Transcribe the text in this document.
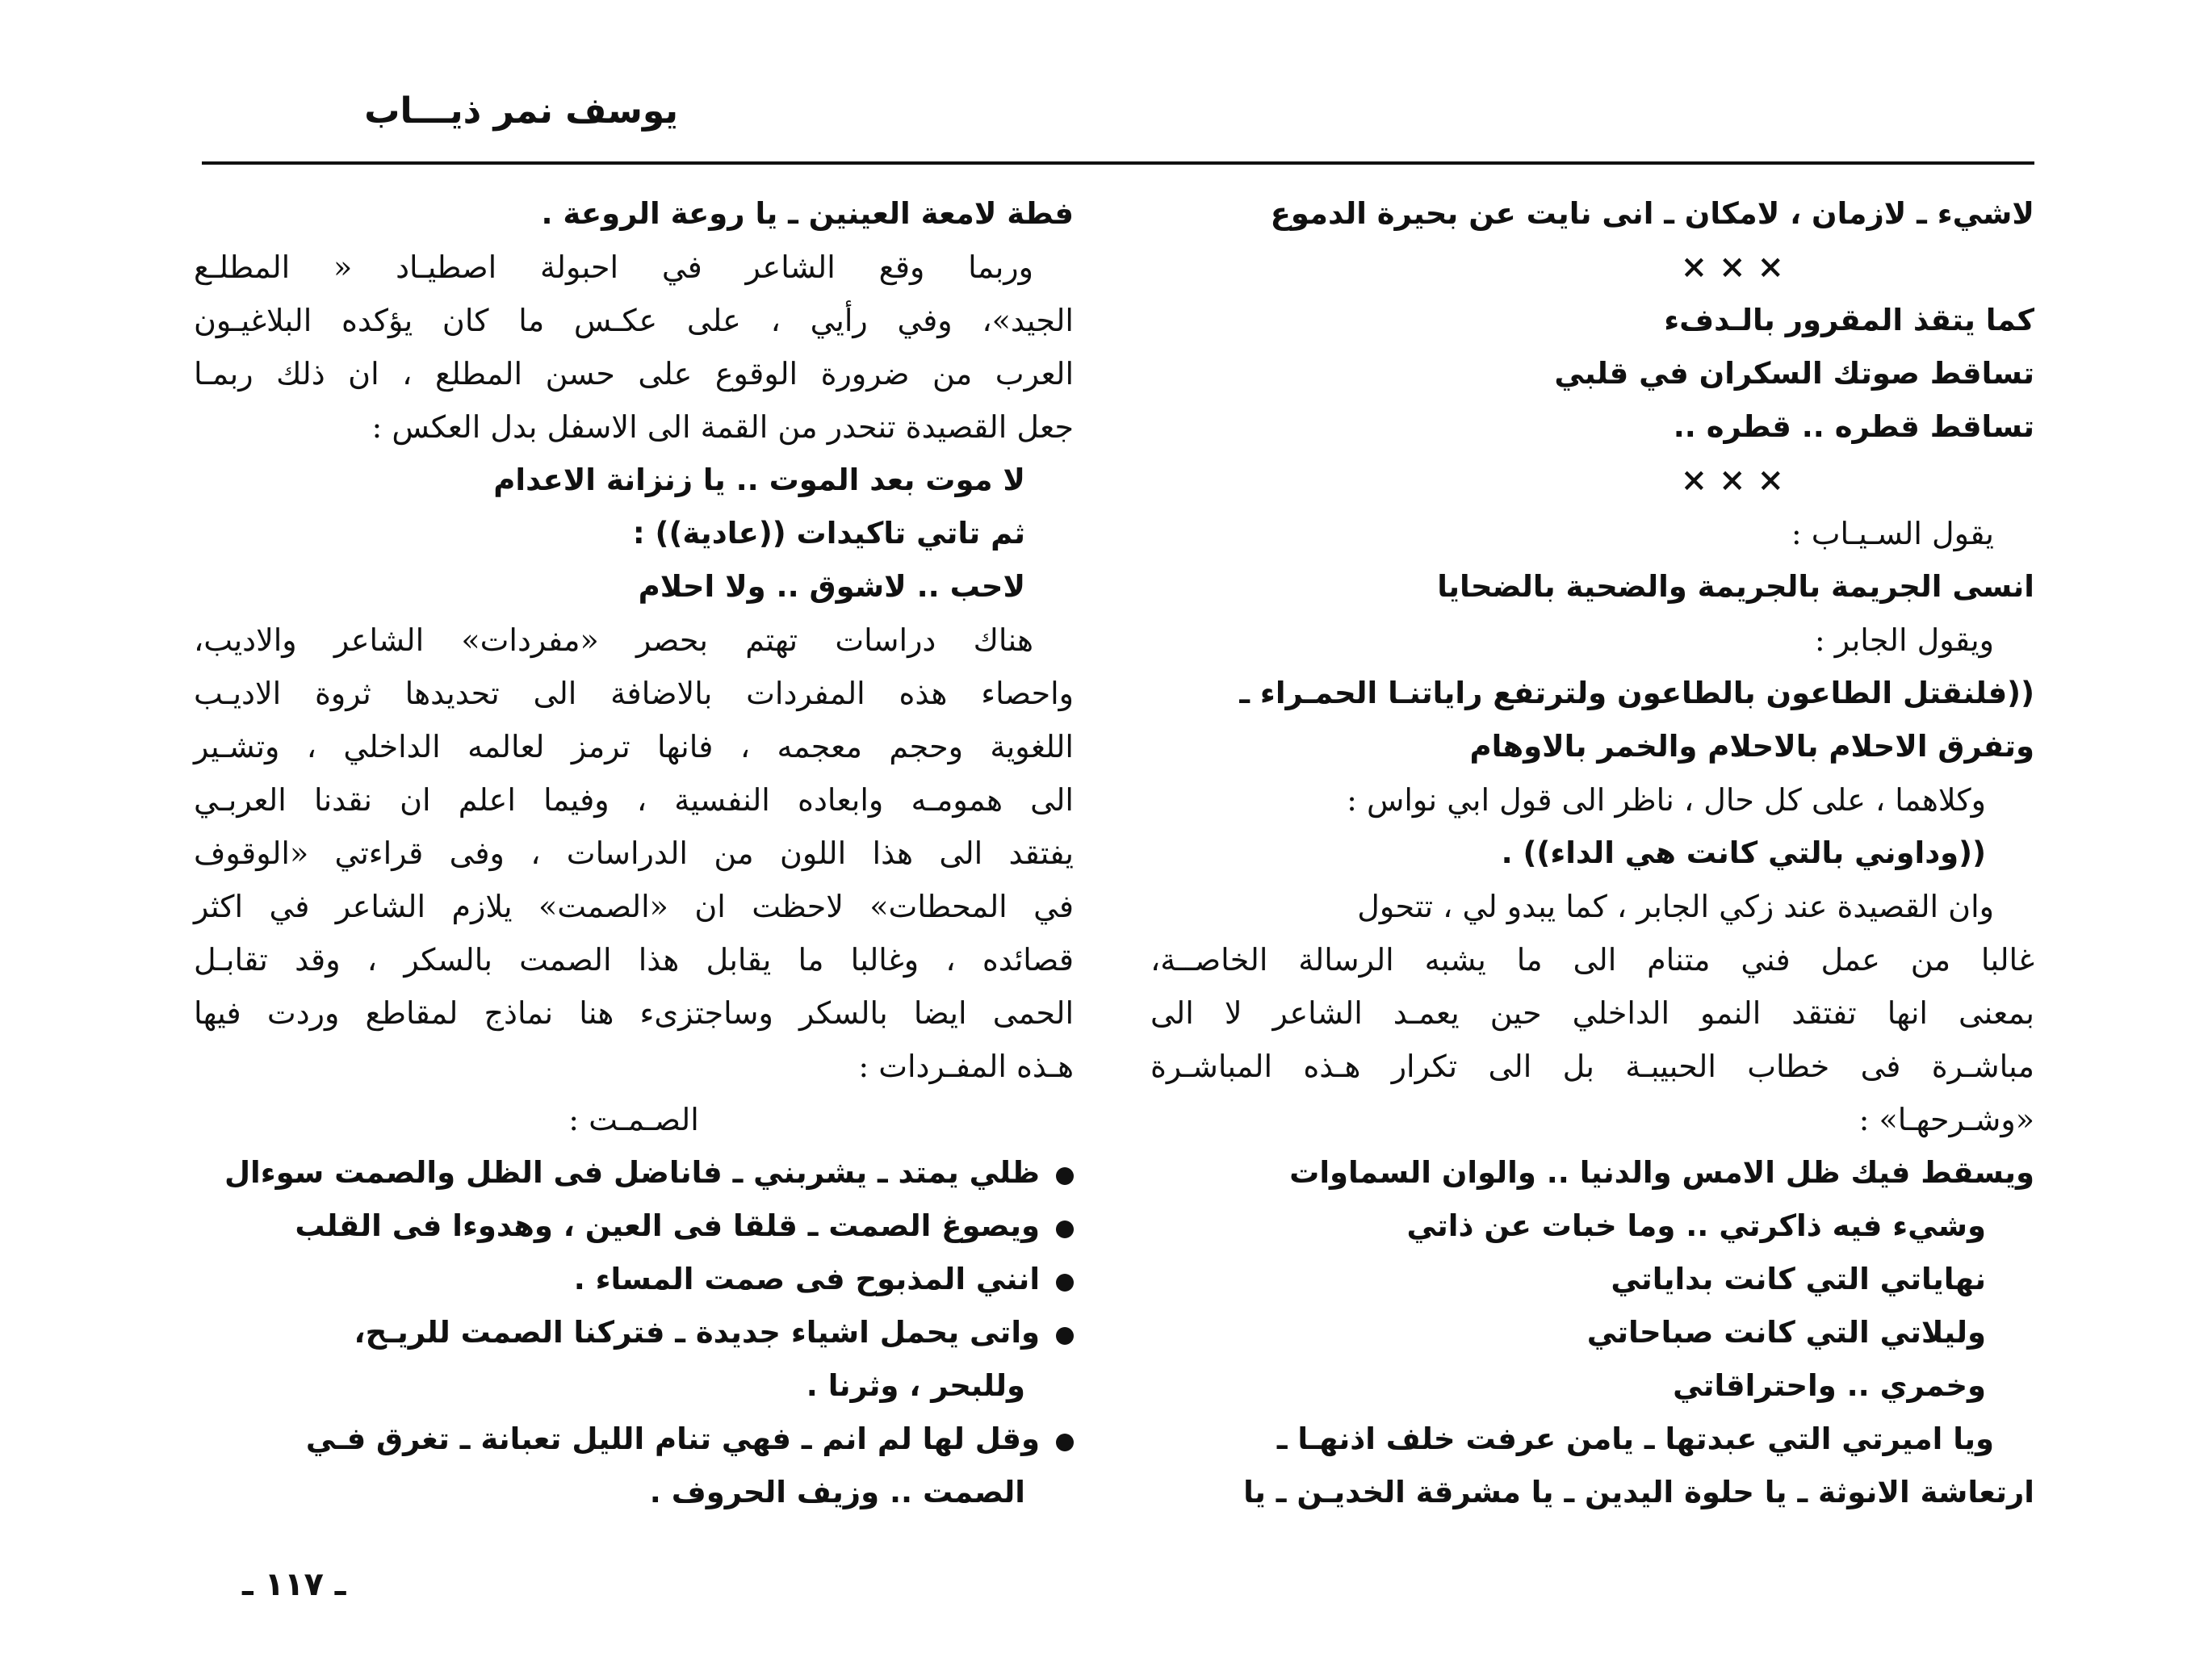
يوسف نمر ذيـــاب
لاشيء ـ لازمان ، لامكان ـ انى نايت عن بحيرة الدموع
× × ×
كما يتقذ المقرور بالـدفء
تساقط صوتك السكران في قلبي
تساقط قطره .. قطره ..
× × ×
يقول السـيـاب :
انسى الجريمة بالجريمة والضحية بالضحايا
ويقول الجابر :
((فلنقتل الطاعون بالطاعون ولترتفع راياتنـا الحمـراء ـ
وتفرق الاحلام بالاحلام والخمر بالاوهام
وكلاهما ، على كل حال ، ناظر الى قول ابي نواس :
((وداوني بالتي كانت هي الداء)) .
وان القصيدة عند زكي الجابر ، كما يبدو لي ، تتحول
غالبا من عمل فني متنام الى ما يشبه الرسالة الخاصــة،
بمعنى انها تفتقد النمو الداخلي حين يعمـد الشاعر لا الى
مباشـرة فى خطاب الحبيبـة بل الى تكرار هـذه المباشـرة
«وشـرحهـا» :
ويسقط فيك ظل الامس والدنيا .. والوان السماوات
وشيء فيه ذاكرتي .. وما خبات عن ذاتي
نهاياتي التي كانت بداياتي
وليلاتي التي كانت صباحاتي
وخمري .. واحتراقاتي
ويا اميرتي التي عبدتها ـ يامن عرفت خلف اذنهـا ـ
ارتعاشة الانوثة ـ يا حلوة اليدين ـ يا مشرقة الخديـن ـ يا
فطة لامعة العينين ـ يا روعة الروعة .
وربما وقع الشاعر في احبولة اصطيـاد « المطلـع
الجيد»، وفي رأيي ، على عكـس ما كان يؤكده البلاغيـون
العرب من ضرورة الوقوع على حسن المطلع ، ان ذلك ربمـا
جعل القصيدة تنحدر من القمة الى الاسفل بدل العكس :
لا موت بعد الموت .. يا زنزانة الاعدام
ثم تاتي تاكيدات ((عادية)) :
لاحب .. لاشوق .. ولا احلام
هناك دراسات تهتم بحصر «مفردات» الشاعر والاديب،
واحصاء هذه المفردات بالاضافة الى تحديدها ثروة الاديـب
اللغوية وحجم معجمه ، فانها ترمز لعالمه الداخلي ، وتشـير
الى همومـه وابعاده النفسية ، وفيما اعلم ان نقدنا العربـي
يفتقد الى هذا اللون من الدراسات ، وفى قراءتي «الوقوف
في المحطات» لاحظت ان «الصمت» يلازم الشاعر في اكثر
قصائده ، وغالبا ما يقابل هذا الصمت بالسكر ، وقد تقابـل
الحمى ايضا بالسكر وساجتزىء هنا نماذج لمقاطع وردت فيها
هـذه المفـردات :
الصـمـت :
ظلي يمتد ـ يشربني ـ فاناضل فى الظل والصمت سوءال
ويصوغ الصمت ـ قلقا فى العين ، وهدوءا فى القلب
انني المذبوح فى صمت المساء .
واتى يحمل اشياء جديدة ـ فتركنا الصمت للريـح،
وللبحر ، وثرنا .
وقل لها لم انم ـ فهي تنام الليل تعبانة ـ تغرق فـي
الصمت .. وزيف الحروف .
ـ ١١٧ ـ
